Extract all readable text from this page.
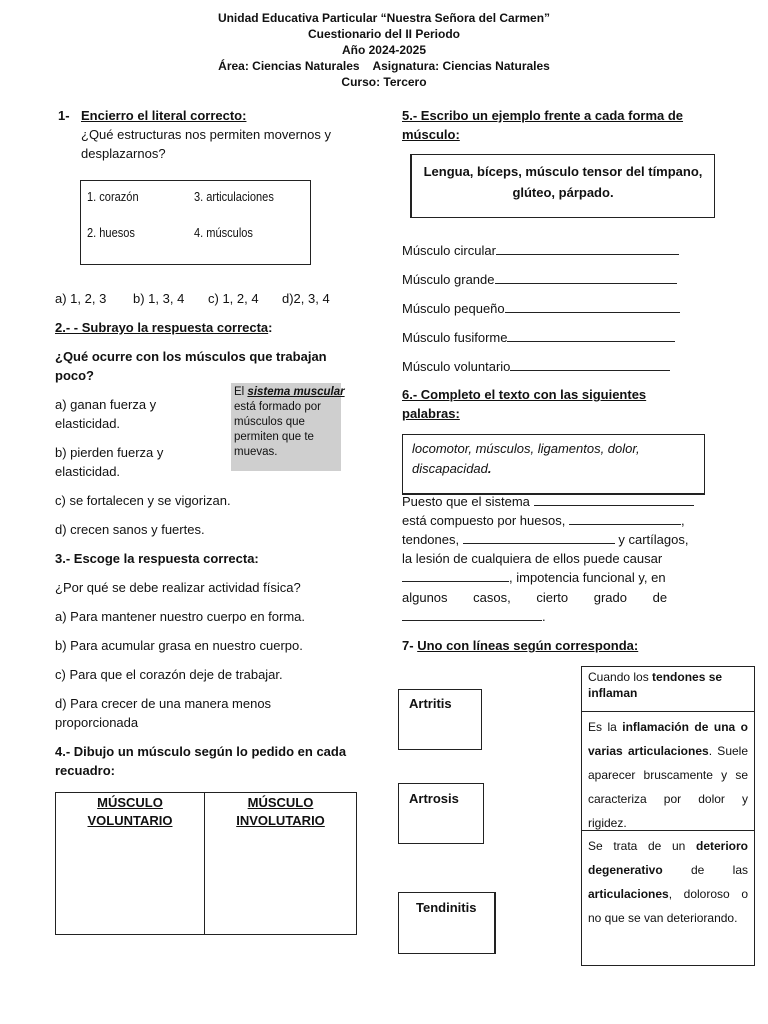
Unidad Educativa Particular “Nuestra Señora del Carmen”
Cuestionario del II Periodo
Año 2024-2025
Área: Ciencias Naturales    Asignatura: Ciencias Naturales
Curso: Tercero
1- Encierro el literal correcto:
¿Qué estructuras nos permiten movernos y
desplazarnos?
1. corazón	3. articulaciones
2. huesos	4. músculos
a) 1, 2, 3 b) 1, 3, 4 c) 1, 2, 4 d)2, 3, 4
2.- - Subrayo la respuesta correcta:
¿Qué ocurre con los músculos que trabajan
poco?
a) ganan fuerza y
elasticidad.
b) pierden fuerza y
elasticidad.
c) se fortalecen y se vigorizan.
d) crecen sanos y fuertes.
El sistema muscular
está formado por
músculos que
permiten que te
muevas.
3.- Escoge la respuesta correcta:
¿Por qué se debe realizar actividad física?
a) Para mantener nuestro cuerpo en forma.
b) Para acumular grasa en nuestro cuerpo.
c) Para que el corazón deje de trabajar.
d) Para crecer de una manera menos
proporcionada
4.- Dibujo un músculo según lo pedido en cada
recuadro:
MÚSCULO
VOLUNTARIO
MÚSCULO
INVOLUTARIO
5.- Escribo un ejemplo frente a cada forma de
músculo:
Lengua, bíceps, músculo tensor del tímpano,
glúteo, párpado.
Músculo circular
Músculo grande
Músculo pequeño
Músculo fusiforme
Músculo voluntario
6.- Completo el texto con las siguientes
palabras:
locomotor, músculos, ligamentos, dolor,
discapacidad.
Puesto que el sistema
está compuesto por huesos,	,
tendones,	y cartílagos,
la lesión de cualquiera de ellos puede causar
, impotencia funcional y, en
algunos casos, cierto grado de
.
7- Uno con líneas según corresponda:
Artritis
Artrosis
Tendinitis

Cuando los tendones se inflaman

Es la inflamación de una o varias articulaciones. Suele aparecer bruscamente y se caracteriza por dolor y rigidez.

Se trata de un deterioro degenerativo de las articulaciones, doloroso o no que se van deteriorando.
